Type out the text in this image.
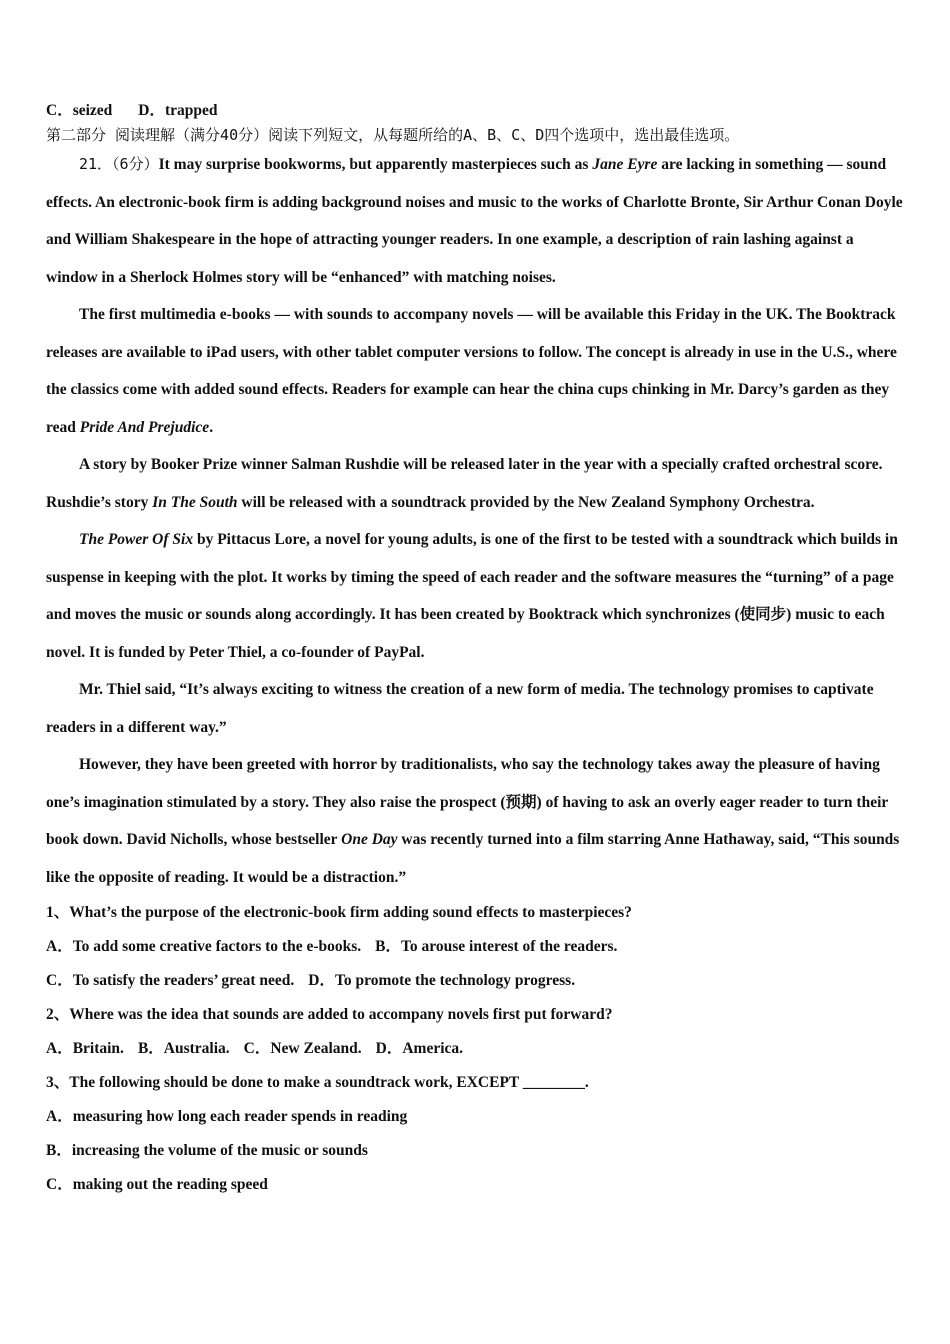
C．seized D．trapped

第二部分 阅读理解（满分40分）阅读下列短文，从每题所给的A、B、C、D四个选项中，选出最佳选项。

21．（6分）It may surprise bookworms, but apparently masterpieces such as Jane Eyre are lacking in something — sound effects. An electronic-book firm is adding background noises and music to the works of Charlotte Bronte, Sir Arthur Conan Doyle and William Shakespeare in the hope of attracting younger readers. In one example, a description of rain lashing against a window in a Sherlock Holmes story will be “enhanced” with matching noises.

The first multimedia e-books — with sounds to accompany novels — will be available this Friday in the UK. The Booktrack releases are available to iPad users, with other tablet computer versions to follow. The concept is already in use in the U.S., where the classics come with added sound effects. Readers for example can hear the china cups chinking in Mr. Darcy’s garden as they read Pride And Prejudice.

A story by Booker Prize winner Salman Rushdie will be released later in the year with a specially crafted orchestral score. Rushdie’s story In The South will be released with a soundtrack provided by the New Zealand Symphony Orchestra.

The Power Of Six by Pittacus Lore, a novel for young adults, is one of the first to be tested with a soundtrack which builds in suspense in keeping with the plot. It works by timing the speed of each reader and the software measures the “turning” of a page and moves the music or sounds along accordingly. It has been created by Booktrack which synchronizes (使同步) music to each novel. It is funded by Peter Thiel, a co-founder of PayPal.

Mr. Thiel said, “It’s always exciting to witness the creation of a new form of media. The technology promises to captivate readers in a different way.”

However, they have been greeted with horror by traditionalists, who say the technology takes away the pleasure of having one’s imagination stimulated by a story. They also raise the prospect (预期) of having to ask an overly eager reader to turn their book down. David Nicholls, whose bestseller One Day was recently turned into a film starring Anne Hathaway, said, “This sounds like the opposite of reading. It would be a distraction.”

1、What’s the purpose of the electronic-book firm adding sound effects to masterpieces?

A．To add some creative factors to the e-books. B．To arouse interest of the readers.

C．To satisfy the readers’ great need. D．To promote the technology progress.

2、Where was the idea that sounds are added to accompany novels first put forward?

A．Britain. B．Australia. C．New Zealand. D．America.

3、The following should be done to make a soundtrack work, EXCEPT ________.

A．measuring how long each reader spends in reading

B．increasing the volume of the music or sounds

C．making out the reading speed
